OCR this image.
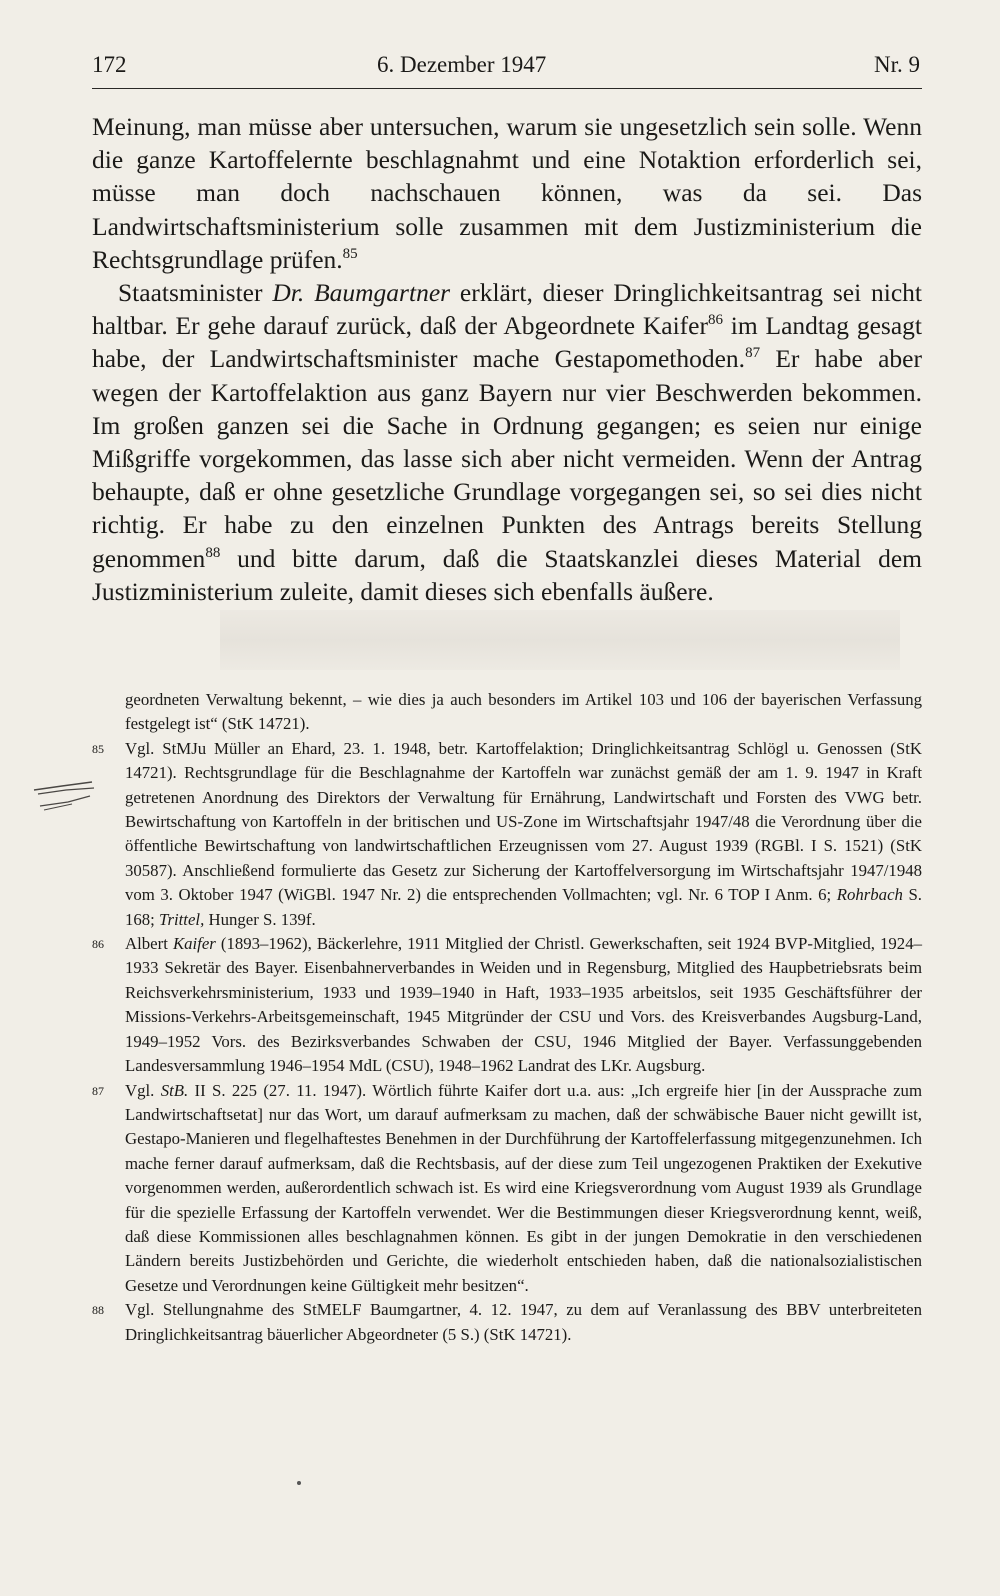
172	6. Dezember 1947	Nr. 9

Meinung, man müsse aber untersuchen, warum sie ungesetzlich sein solle. Wenn die ganze Kartoffelernte beschlagnahmt und eine Notaktion erforderlich sei, müsse man doch nachschauen können, was da sei. Das Landwirtschaftsministerium solle zusammen mit dem Justizministerium die Rechtsgrundlage prüfen.$^{85}$

Staatsminister Dr. Baumgartner erklärt, dieser Dringlichkeitsantrag sei nicht haltbar. Er gehe darauf zurück, daß der Abgeordnete Kaifer$^{86}$ im Landtag gesagt habe, der Landwirtschaftsminister mache Gestapomethoden.$^{87}$ Er habe aber wegen der Kartoffelaktion aus ganz Bayern nur vier Beschwerden bekommen. Im großen ganzen sei die Sache in Ordnung gegangen; es seien nur einige Mißgriffe vorgekommen, das lasse sich aber nicht vermeiden. Wenn der Antrag behaupte, daß er ohne gesetzliche Grundlage vorgegangen sei, so sei dies nicht richtig. Er habe zu den einzelnen Punkten des Antrags bereits Stellung genommen$^{88}$ und bitte darum, daß die Staatskanzlei dieses Material dem Justizministerium zuleite, damit dieses sich ebenfalls äußere.

geordneten Verwaltung bekennt, – wie dies ja auch besonders im Artikel 103 und 106 der bayerischen Verfassung festgelegt ist“ (StK 14721).

85 Vgl. StMJu Müller an Ehard, 23. 1. 1948, betr. Kartoffelaktion; Dringlichkeitsantrag Schlögl u. Genossen (StK 14721). Rechtsgrundlage für die Beschlagnahme der Kartoffeln war zunächst gemäß der am 1. 9. 1947 in Kraft getretenen Anordnung des Direktors der Verwaltung für Ernährung, Landwirtschaft und Forsten des VWG betr. Bewirtschaftung von Kartoffeln in der britischen und US-Zone im Wirtschaftsjahr 1947/48 die Verordnung über die öffentliche Bewirtschaftung von landwirtschaftlichen Erzeugnissen vom 27. August 1939 (RGBl. I S. 1521) (StK 30587). Anschließend formulierte das Gesetz zur Sicherung der Kartoffelversorgung im Wirtschaftsjahr 1947/1948 vom 3. Oktober 1947 (WiGBl. 1947 Nr. 2) die entsprechenden Vollmachten; vgl. Nr. 6 TOP I Anm. 6; Rohrbach S. 168; Trittel, Hunger S. 139f.

86 Albert Kaifer (1893–1962), Bäckerlehre, 1911 Mitglied der Christl. Gewerkschaften, seit 1924 BVP-Mitglied, 1924–1933 Sekretär des Bayer. Eisenbahnerverbandes in Weiden und in Regensburg, Mitglied des Haupbetriebsrats beim Reichsverkehrsministerium, 1933 und 1939–1940 in Haft, 1933–1935 arbeitslos, seit 1935 Geschäftsführer der Missions-Verkehrs-Arbeitsgemeinschaft, 1945 Mitgründer der CSU und Vors. des Kreisverbandes Augsburg-Land, 1949–1952 Vors. des Bezirksverbandes Schwaben der CSU, 1946 Mitglied der Bayer. Verfassunggebenden Landesversammlung 1946–1954 MdL (CSU), 1948–1962 Landrat des LKr. Augsburg.

87 Vgl. StB. II S. 225 (27. 11. 1947). Wörtlich führte Kaifer dort u.a. aus: „Ich ergreife hier [in der Aussprache zum Landwirtschaftsetat] nur das Wort, um darauf aufmerksam zu machen, daß der schwäbische Bauer nicht gewillt ist, Gestapo-Manieren und flegelhaftestes Benehmen in der Durchführung der Kartoffelerfassung mitgegenzunehmen. Ich mache ferner darauf aufmerksam, daß die Rechtsbasis, auf der diese zum Teil ungezogenen Praktiken der Exekutive vorgenommen werden, außerordentlich schwach ist. Es wird eine Kriegsverordnung vom August 1939 als Grundlage für die spezielle Erfassung der Kartoffeln verwendet. Wer die Bestimmungen dieser Kriegsverordnung kennt, weiß, daß diese Kommissionen alles beschlagnahmen können. Es gibt in der jungen Demokratie in den verschiedenen Ländern bereits Justizbehörden und Gerichte, die wiederholt entschieden haben, daß die nationalsozialistischen Gesetze und Verordnungen keine Gültigkeit mehr besitzen“.

88 Vgl. Stellungnahme des StMELF Baumgartner, 4. 12. 1947, zu dem auf Veranlassung des BBV unterbreiteten Dringlichkeitsantrag bäuerlicher Abgeordneter (5 S.) (StK 14721).
